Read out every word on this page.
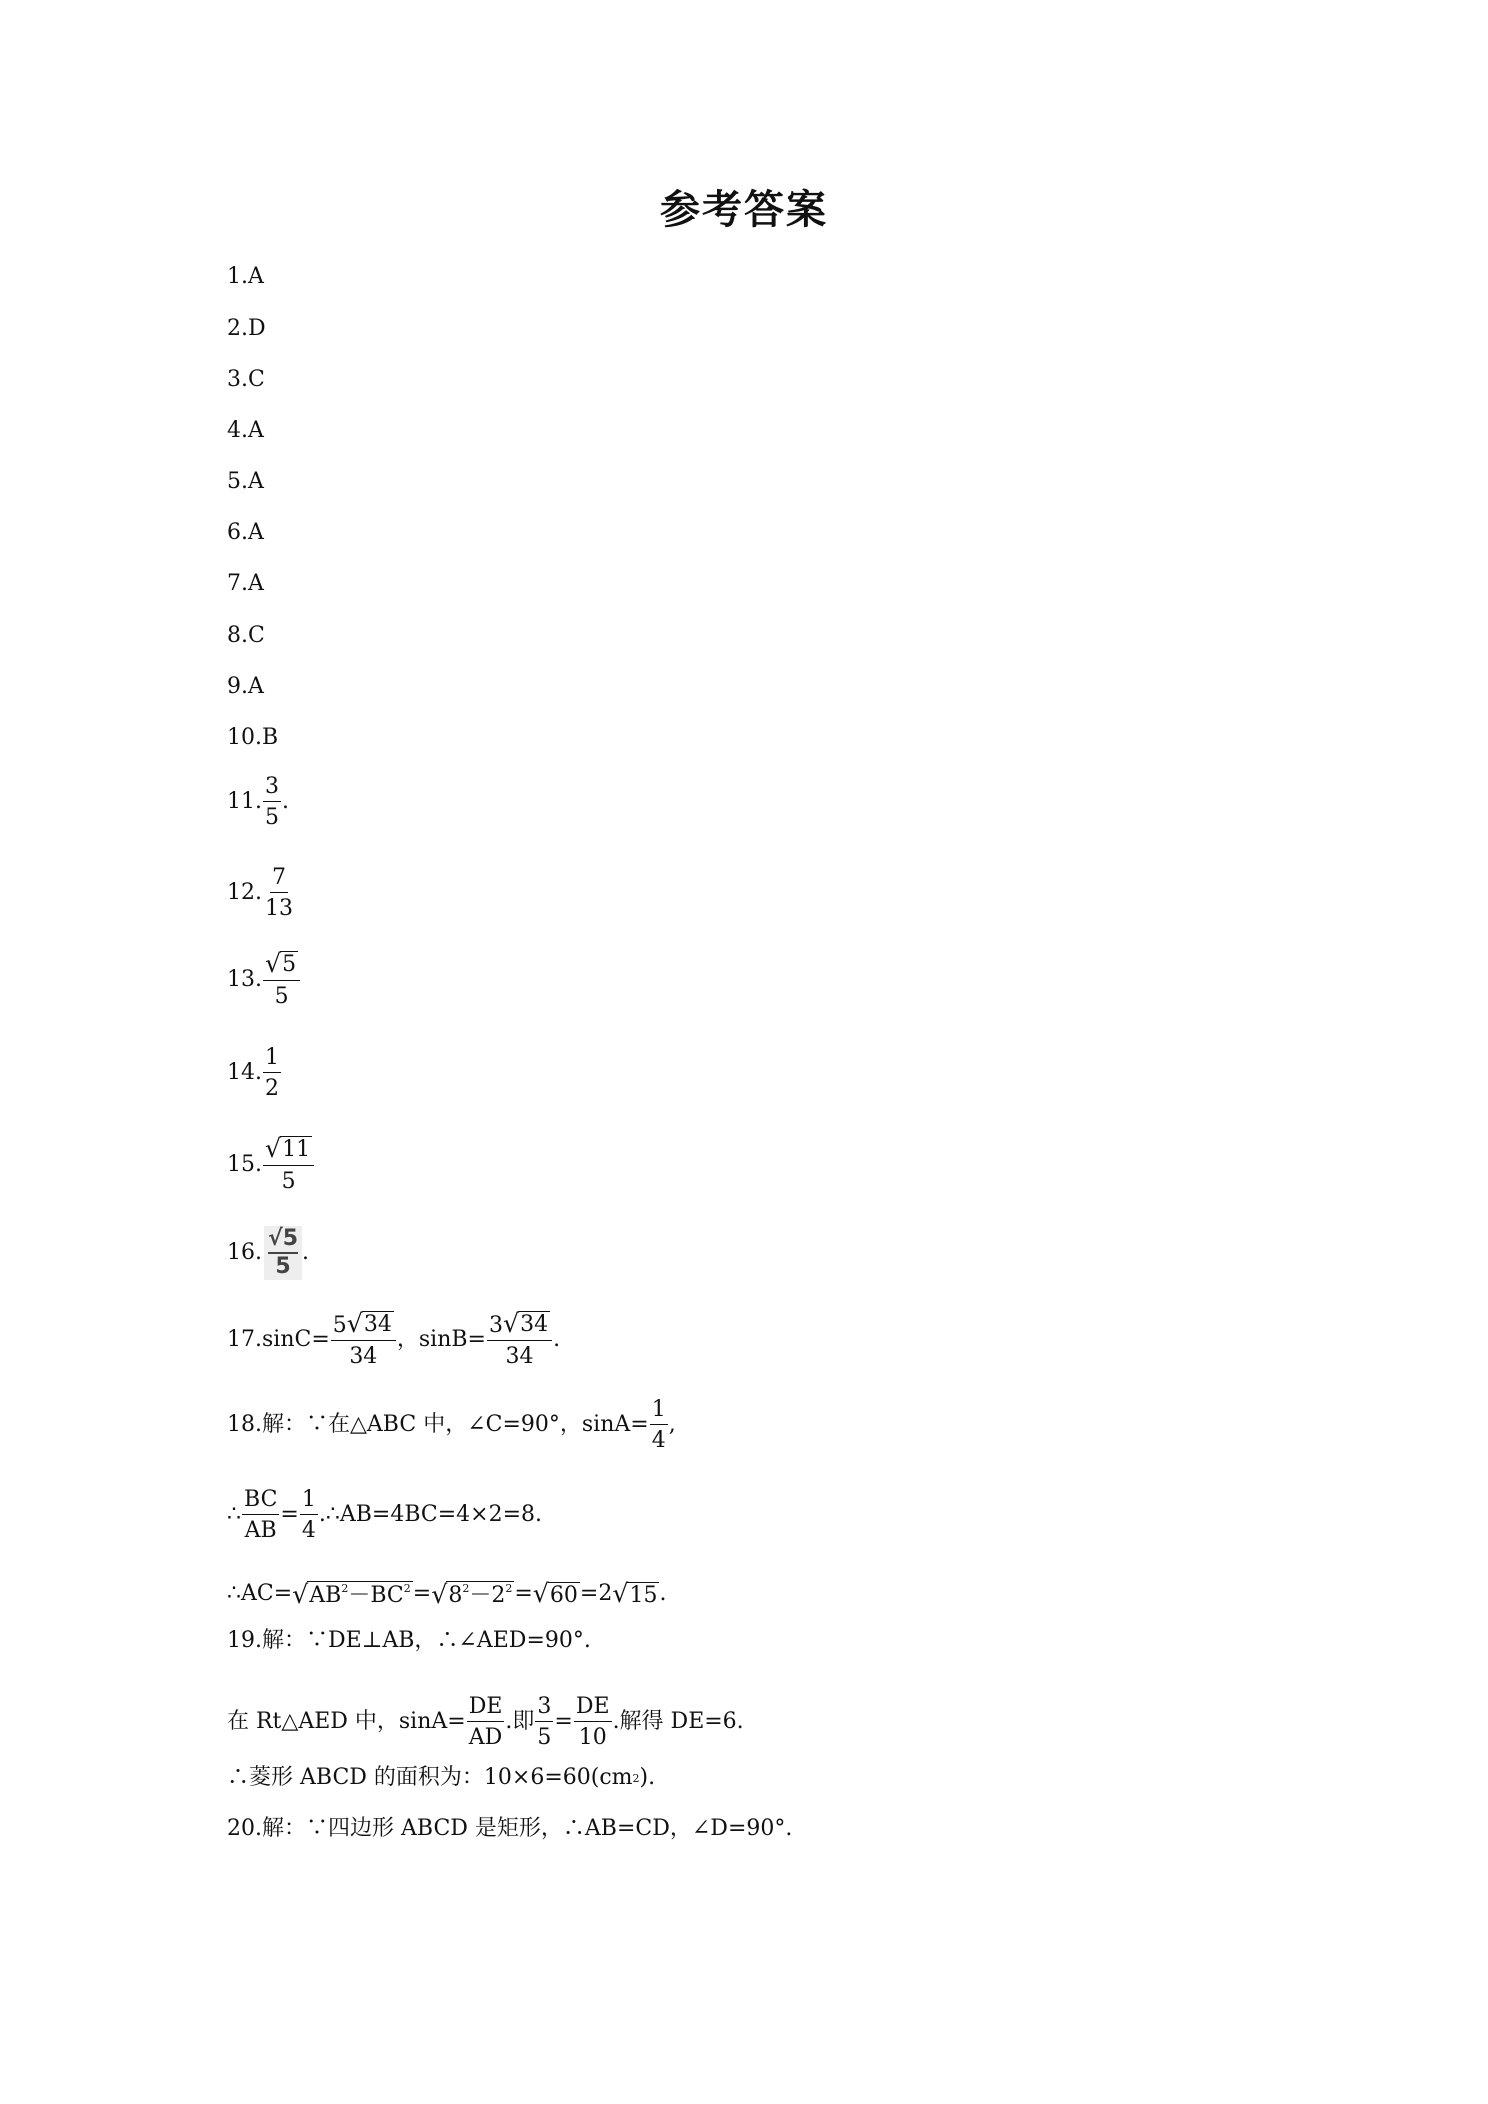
参考答案
1.A
2.D
3.C
4.A
5.A
6.A
7.A
8.C
9.A
10.B
11. $\frac{3}{5}$ .
12. $\frac{7}{13}$
13. $\frac{√ 5}{5}$
14. $\frac{1}{2}$
15. $\frac{√ 11}{5}$
16. $\frac{√5}{5}$ .
$17.\sin C= \frac{5 √ 34}{34}$ ，$\sin B= \frac{3 √ 34}{34}$ .
18.解：∵在△ABC 中，∠C=90°，$\sin A= \frac{1}{4}$ ,
∴ $\frac{BC}{AB} = \frac{1}{4}$ .∴AB=4BC=4×2=8.
∴AC= √ $AB^2-BC^2$ = √ $8^2-2^2$ = √ 60 =2 √ 15 .
19.解：∵DE⊥AB，∴∠AED=90°.
在 Rt△AED 中，$\sin A= \frac{DE}{AD}$ .即 $\frac{3}{5} = \frac{DE}{10}$ .解得 DE=6.
∴菱形 ABCD 的面积为：10×6=60(cm 2 ).
20.解：∵四边形 ABCD 是矩形，∴AB=CD，∠D=90°.
